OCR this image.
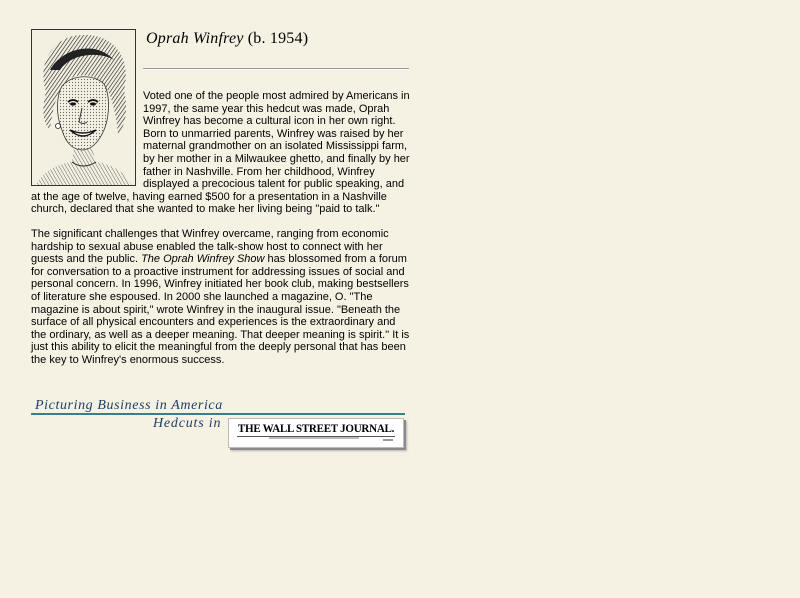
Oprah Winfrey (b. 1954)

Voted one of the people most admired by Americans in 1997, the same year this hedcut was made, Oprah Winfrey has become a cultural icon in her own right. Born to unmarried parents, Winfrey was raised by her maternal grandmother on an isolated Mississippi farm, by her mother in a Milwaukee ghetto, and finally by her father in Nashville. From her childhood, Winfrey displayed a precocious talent for public speaking, and at the age of twelve, having earned $500 for a presentation in a Nashville church, declared that she wanted to make her living being "paid to talk."

The significant challenges that Winfrey overcame, ranging from economic hardship to sexual abuse enabled the talk-show host to connect with her guests and the public. The Oprah Winfrey Show has blossomed from a forum for conversation to a proactive instrument for addressing issues of social and personal concern. In 1996, Winfrey initiated her book club, making bestsellers of literature she espoused. In 2000 she launched a magazine, O. "The magazine is about spirit," wrote Winfrey in the inaugural issue. "Beneath the surface of all physical encounters and experiences is the extraordinary and the ordinary, as well as a deeper meaning. That deeper meaning is spirit." It is just this ability to elicit the meaningful from the deeply personal that has been the key to Winfrey's enormous success.

Picturing Business in America
Hedcuts in THE WALL STREET JOURNAL.
